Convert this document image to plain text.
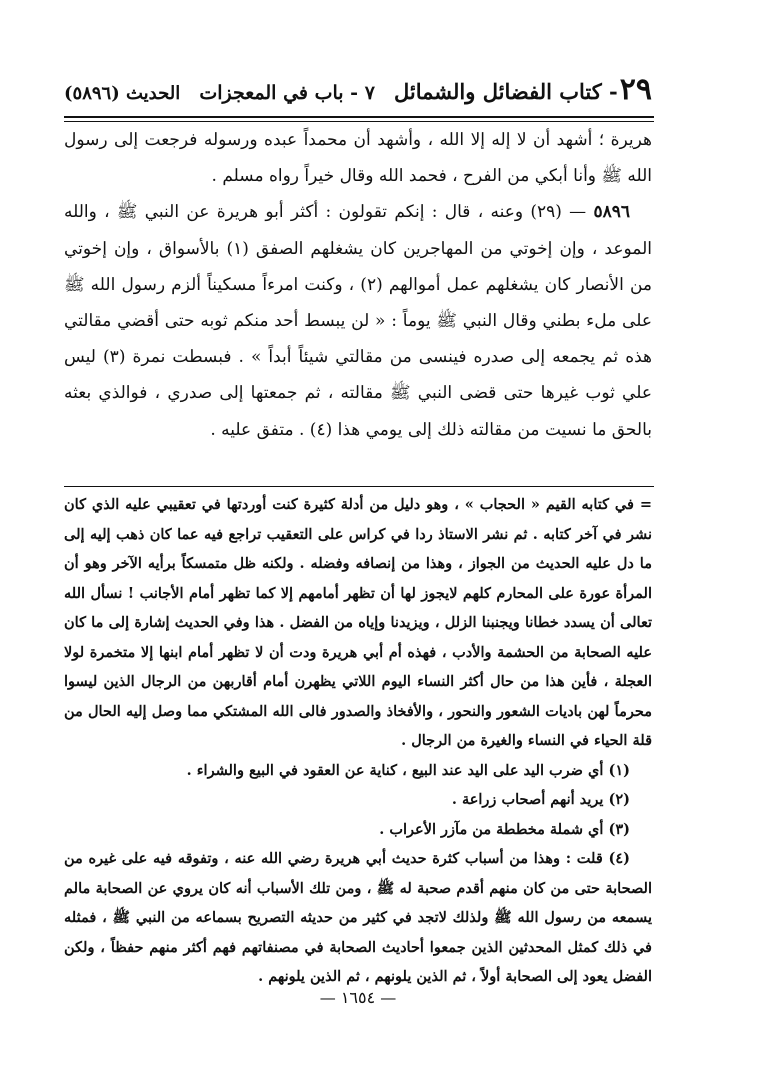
٢٩- كتاب الفضائل والشمائل
٧ - باب في المعجزات
الحديث (٥٨٩٦)

هريرة ؛ أشهد أن لا إله إلا الله ، وأشهد أن محمداً عبده ورسوله فرجعت إلى رسول الله ﷺ وأنا أبكي من الفرح ، فحمد الله وقال خيراً رواه مسلم .

٥٨٩٦ — (٢٩) وعنه ، قال : إنكم تقولون : أكثر أبو هريرة عن النبي ﷺ ، والله الموعد ، وإن إخوتي من المهاجرين كان يشغلهم الصفق (١) بالأسواق ، وإن إخوتي من الأنصار كان يشغلهم عمل أموالهم (٢) ، وكنت امرءاً مسكيناً ألزم رسول الله ﷺ على ملء بطني وقال النبي ﷺ يوماً : « لن يبسط أحد منكم ثوبه حتى أقضي مقالتي هذه ثم يجمعه إلى صدره فينسى من مقالتي شيئاً أبداً » . فبسطت نمرة (٣) ليس علي ثوب غيرها حتى قضى النبي ﷺ مقالته ، ثم جمعتها إلى صدري ، فوالذي بعثه بالحق ما نسيت من مقالته ذلك إلى يومي هذا (٤) . متفق عليه .

= في كتابه القيم « الحجاب » ، وهو دليل من أدلة كثيرة كنت أوردتها في تعقيبي عليه الذي كان نشر في آخر كتابه . ثم نشر الاستاذ ردا في كراس على التعقيب تراجع فيه عما كان ذهب إليه إلى ما دل عليه الحديث من الجواز ، وهذا من إنصافه وفضله . ولكنه ظل متمسكاً برأيه الآخر وهو أن المرأة عورة على المحارم كلهم لايجوز لها أن تظهر أمامهم إلا كما تظهر أمام الأجانب ! نسأل الله تعالى أن يسدد خطانا ويجنبنا الزلل ، ويزيدنا وإياه من الفضل . هذا وفي الحديث إشارة إلى ما كان عليه الصحابة من الحشمة والأدب ، فهذه أم أبي هريرة ودت أن لا تظهر أمام ابنها إلا متخمرة لولا العجلة ، فأين هذا من حال أكثر النساء اليوم اللاتي يظهرن أمام أقاربهن من الرجال الذين ليسوا محرماً لهن باديات الشعور والنحور ، والأفخاذ والصدور فالى الله المشتكي مما وصل إليه الحال من قلة الحياء في النساء والغيرة من الرجال .

(١) أي ضرب اليد على اليد عند البيع ، كناية عن العقود في البيع والشراء .

(٢) يريد أنهم أصحاب زراعة .

(٣) أي شملة مخططة من مآزر الأعراب .

(٤) قلت : وهذا من أسباب كثرة حديث أبي هريرة رضي الله عنه ، وتفوقه فيه على غيره من الصحابة حتى من كان منهم أقدم صحبة له ﷺ ، ومن تلك الأسباب أنه كان يروي عن الصحابة مالم يسمعه من رسول الله ﷺ ولذلك لاتجد في كثير من حديثه التصريح بسماعه من النبي ﷺ ، فمثله في ذلك كمثل المحدثين الذين جمعوا أحاديث الصحابة في مصنفاتهم فهم أكثر منهم حفظاً ، ولكن الفضل يعود إلى الصحابة أولاً ، ثم الذين يلونهم ، ثم الذين يلونهم .

— ١٦٥٤ —
